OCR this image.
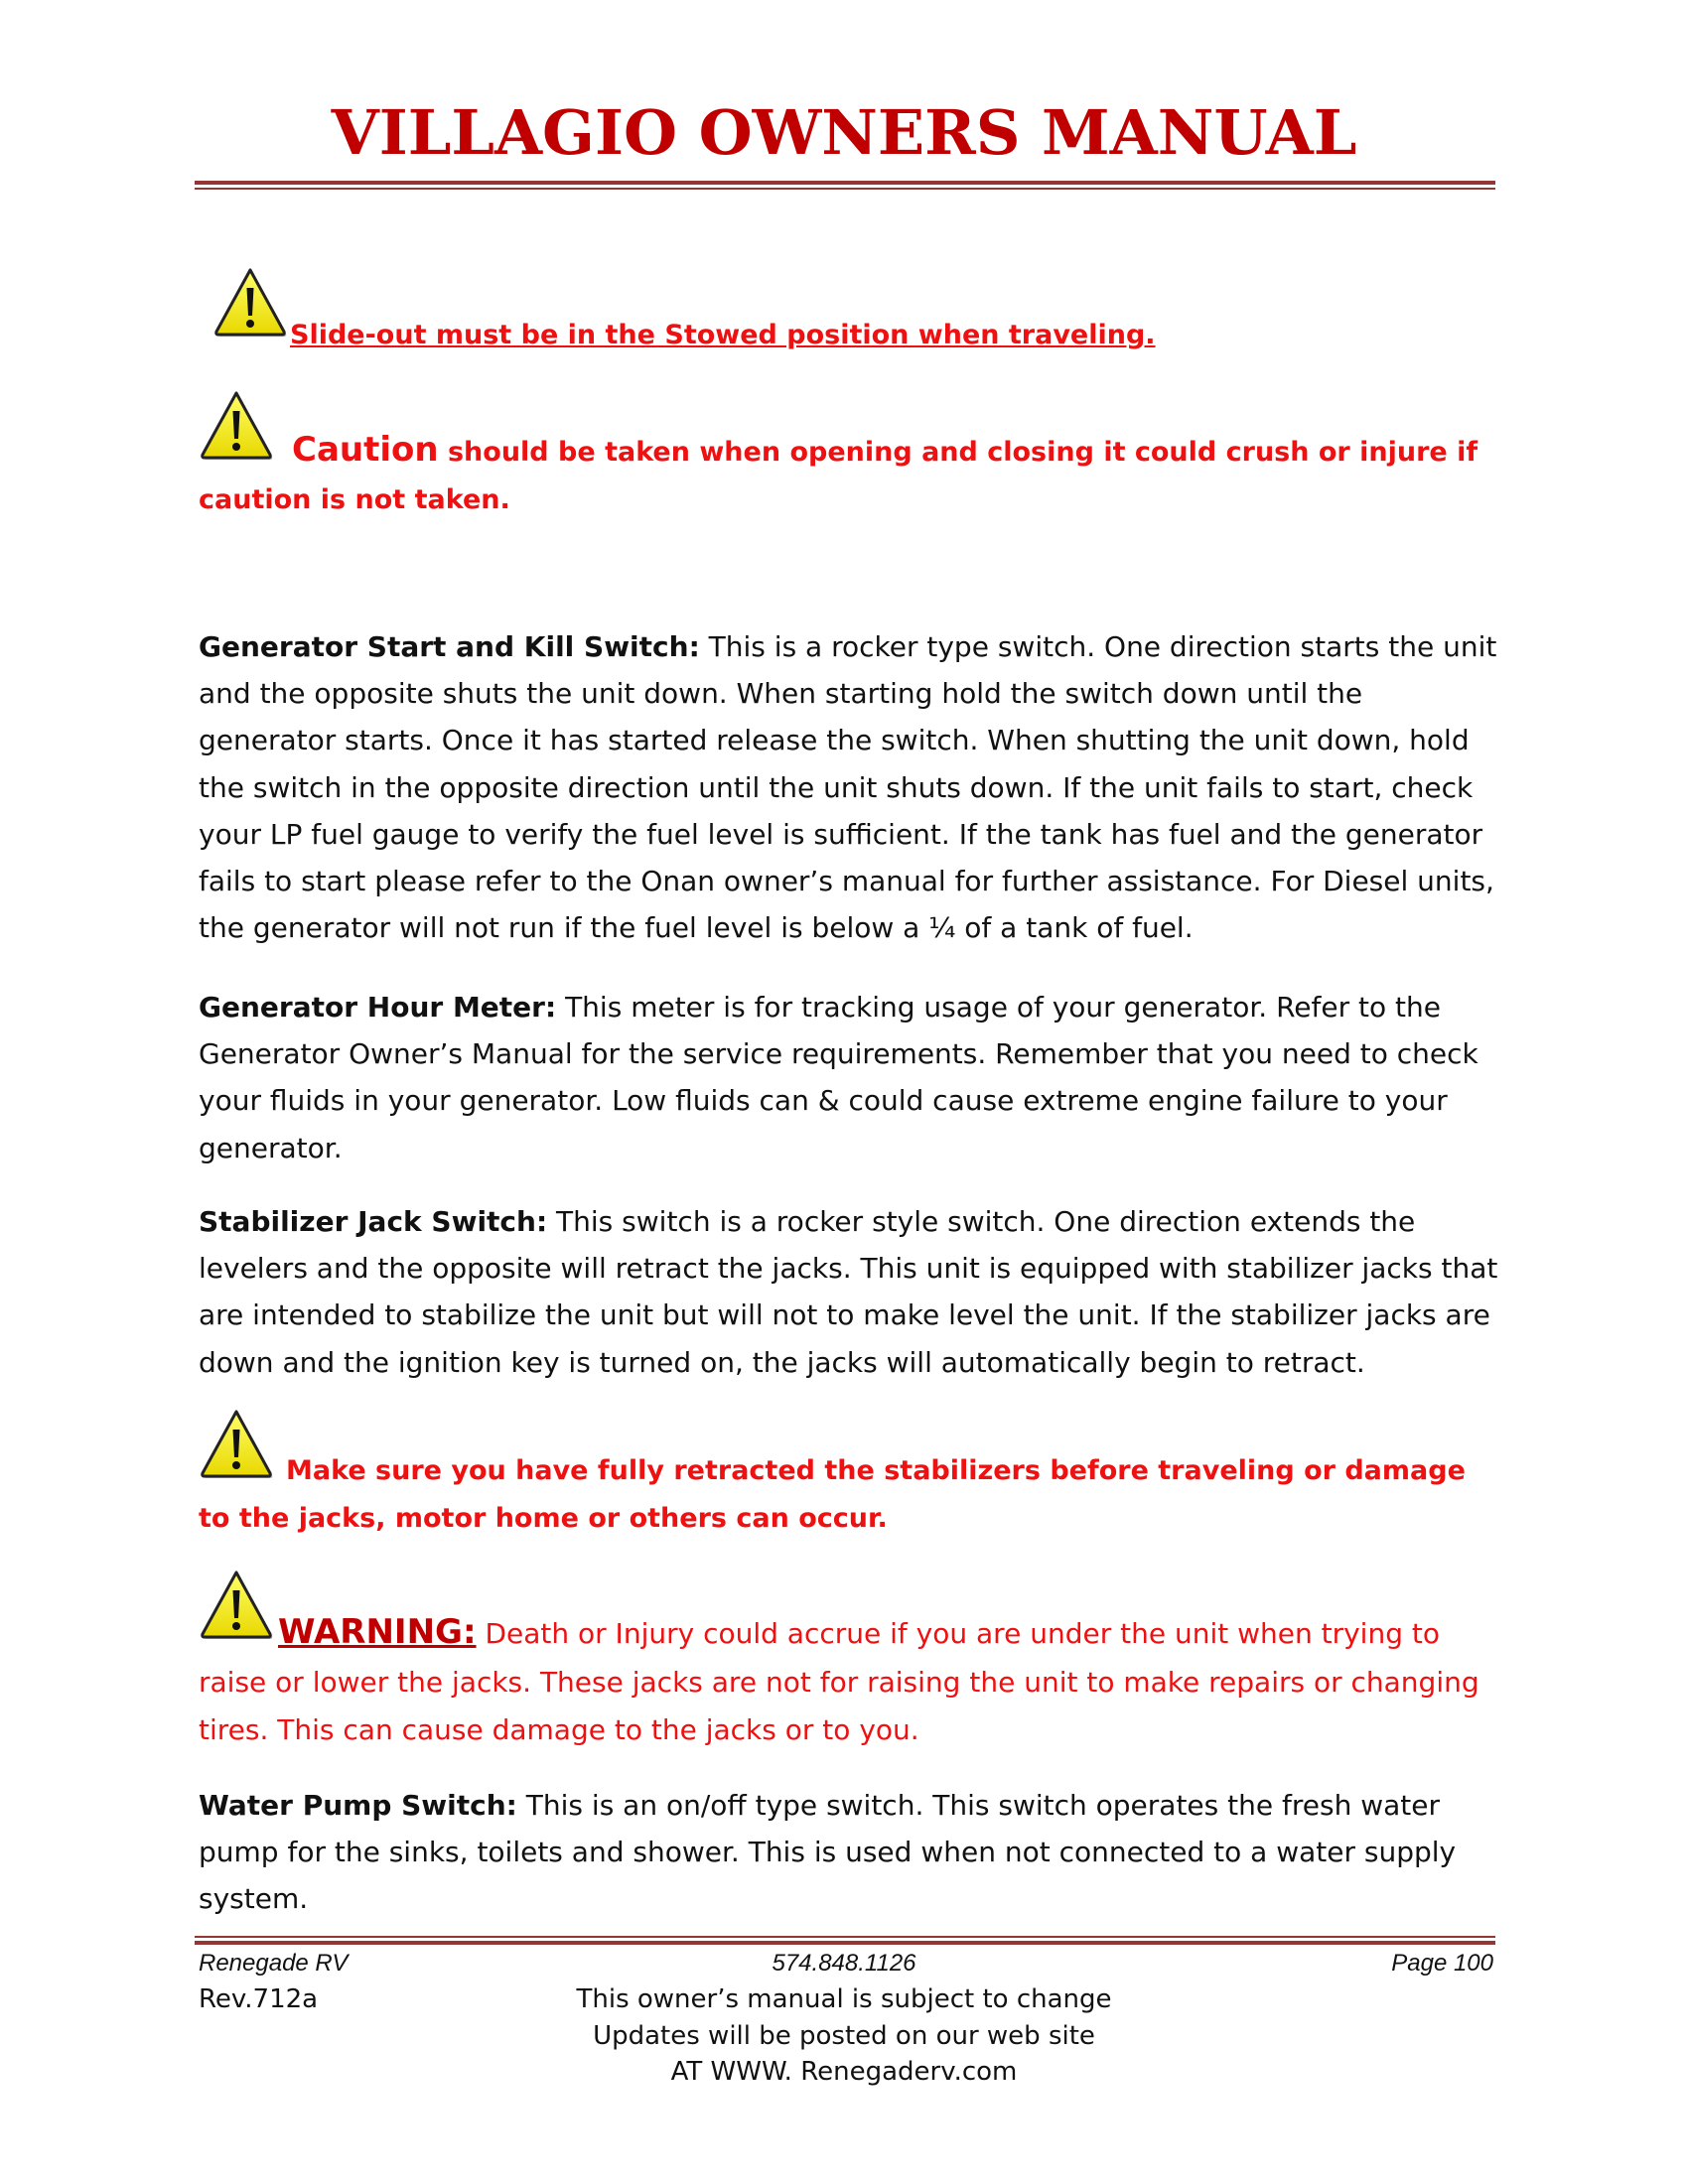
VILLAGIO OWNERS MANUAL

Slide-out must be in the Stowed position when traveling.

Caution should be taken when opening and closing it could crush or injure if caution is not taken.

Generator Start and Kill Switch: This is a rocker type switch. One direction starts the unit and the opposite shuts the unit down. When starting hold the switch down until the generator starts. Once it has started release the switch. When shutting the unit down, hold the switch in the opposite direction until the unit shuts down. If the unit fails to start, check your LP fuel gauge to verify the fuel level is sufficient. If the tank has fuel and the generator fails to start please refer to the Onan owner’s manual for further assistance. For Diesel units, the generator will not run if the fuel level is below a ¼ of a tank of fuel.

Generator Hour Meter: This meter is for tracking usage of your generator. Refer to the Generator Owner’s Manual for the service requirements. Remember that you need to check your fluids in your generator. Low fluids can & could cause extreme engine failure to your generator.

Stabilizer Jack Switch: This switch is a rocker style switch. One direction extends the levelers and the opposite will retract the jacks. This unit is equipped with stabilizer jacks that are intended to stabilize the unit but will not to make level the unit. If the stabilizer jacks are down and the ignition key is turned on, the jacks will automatically begin to retract.

Make sure you have fully retracted the stabilizers before traveling or damage to the jacks, motor home or others can occur.

WARNING: Death or Injury could accrue if you are under the unit when trying to raise or lower the jacks. These jacks are not for raising the unit to make repairs or changing tires. This can cause damage to the jacks or to you.

Water Pump Switch: This is an on/off type switch. This switch operates the fresh water pump for the sinks, toilets and shower. This is used when not connected to a water supply system.

Renegade RV	574.848.1126	Page 100
Rev.712a	This owner’s manual is subject to change
Updates will be posted on our web site
AT WWW. Renegaderv.com
